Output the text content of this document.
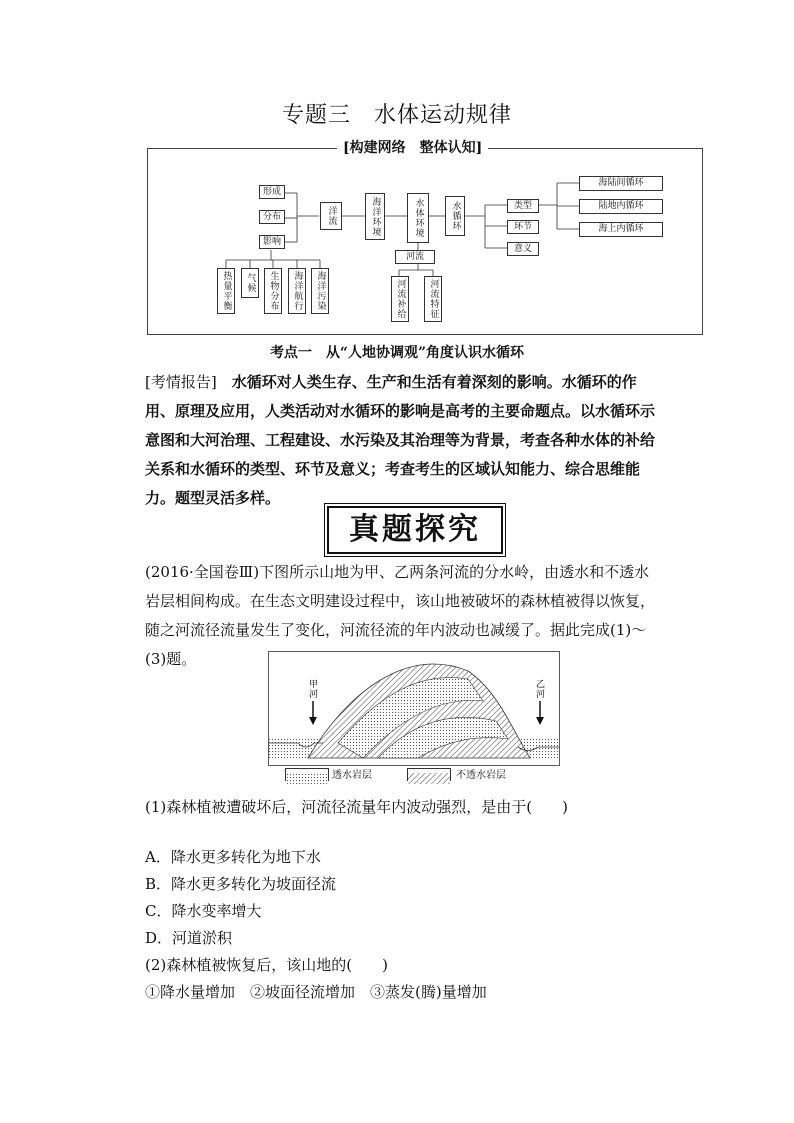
专题三　水体运动规律
[构建网络　整体认知]
形成
分布
影响
洋流	海洋环境	水体环境	水循环	类型
环节
意义
海陆间循环
陆地内循环
海上内循环
河流
河流补给	河流特征
热量平衡	气候	生物分布	海洋航行	海洋污染
考点一　从“人地协调观”角度认识水循环
[考情报告]　水循环对人类生存、生产和生活有着深刻的影响。水循环的作用、原理及应用，人类活动对水循环的影响是高考的主要命题点。以水循环示意图和大河治理、工程建设、水污染及其治理等为背景，考查各种水体的补给关系和水循环的类型、环节及意义；考查考生的区域认知能力、综合思维能力。题型灵活多样。
真题探究
(2016·全国卷Ⅲ)下图所示山地为甲、乙两条河流的分水岭，由透水和不透水岩层相间构成。在生态文明建设过程中，该山地被破坏的森林植被得以恢复，随之河流径流量发生了变化，河流径流的年内波动也减缓了。据此完成(1)～(3)题。
甲
河
乙
河
透水岩层	不透水岩层
(1)森林植被遭破坏后，河流径流量年内波动强烈，是由于(　　)
A．降水更多转化为地下水
B．降水更多转化为坡面径流
C．降水变率增大
D．河道淤积
(2)森林植被恢复后，该山地的(　　)
①降水量增加　②坡面径流增加　③蒸发(腾)量增加
